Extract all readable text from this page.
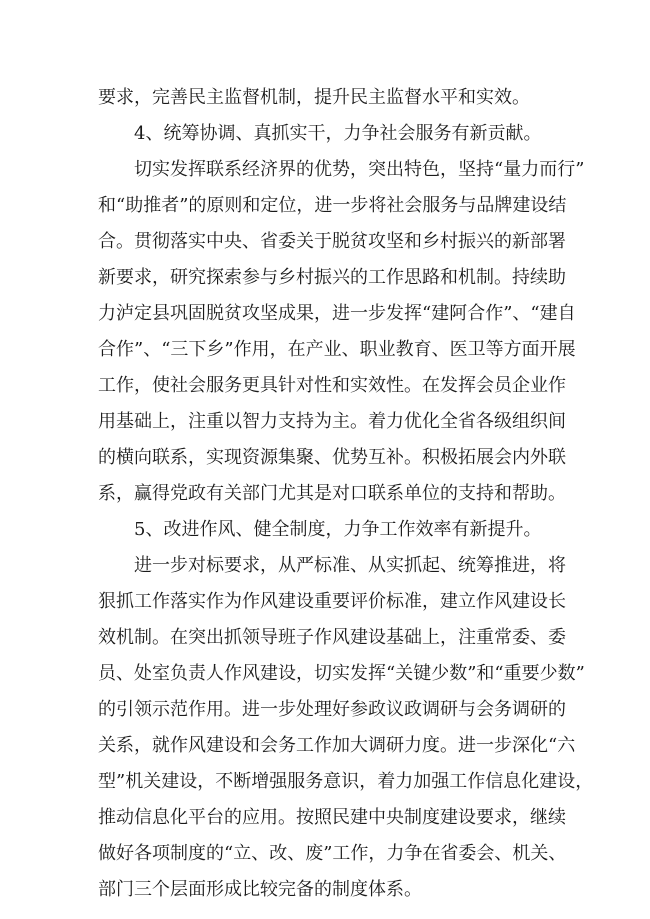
要求，完善民主监督机制，提升民主监督水平和实效。
4、统筹协调、真抓实干，力争社会服务有新贡献。
切实发挥联系经济界的优势，突出特色，坚持“量力而行”
和“助推者”的原则和定位，进一步将社会服务与品牌建设结
合。贯彻落实中央、省委关于脱贫攻坚和乡村振兴的新部署
新要求，研究探索参与乡村振兴的工作思路和机制。持续助
力泸定县巩固脱贫攻坚成果，进一步发挥“建阿合作”、“建自
合作”、“三下乡”作用，在产业、职业教育、医卫等方面开展
工作，使社会服务更具针对性和实效性。在发挥会员企业作
用基础上，注重以智力支持为主。着力优化全省各级组织间
的横向联系，实现资源集聚、优势互补。积极拓展会内外联
系，赢得党政有关部门尤其是对口联系单位的支持和帮助。
5、改进作风、健全制度，力争工作效率有新提升。
进一步对标要求，从严标准、从实抓起、统筹推进，将
狠抓工作落实作为作风建设重要评价标准，建立作风建设长
效机制。在突出抓领导班子作风建设基础上，注重常委、委
员、处室负责人作风建设，切实发挥“关键少数”和“重要少数”
的引领示范作用。进一步处理好参政议政调研与会务调研的
关系，就作风建设和会务工作加大调研力度。进一步深化“六
型”机关建设，不断增强服务意识，着力加强工作信息化建设，
推动信息化平台的应用。按照民建中央制度建设要求，继续
做好各项制度的“立、改、废”工作，力争在省委会、机关、
部门三个层面形成比较完备的制度体系。
